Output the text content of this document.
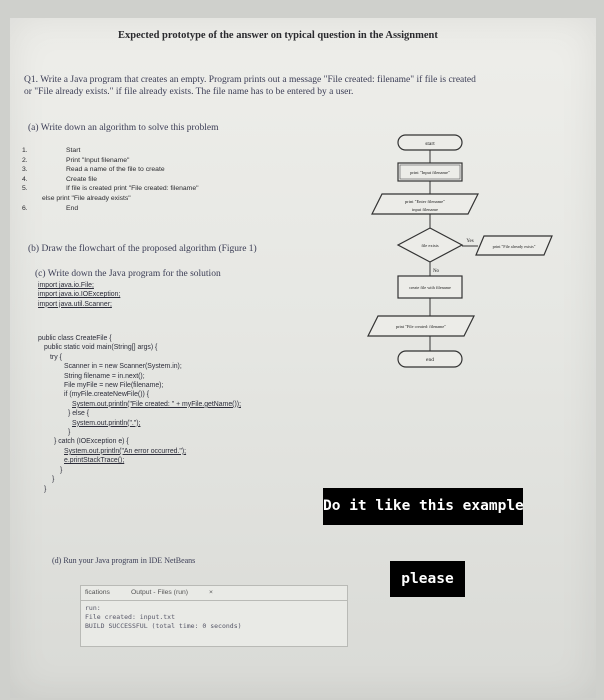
Expected prototype of the answer on typical question in the Assignment
Q1. Write a Java program that creates an empty. Program prints out a message "File created: filename" if file is created
or "File already exists." if file already exists. The file name has to be entered by a user.
(a) Write down an algorithm to solve this problem
1.	Start
2.	Print "Input filename"
3.	Read a name of the file to create
4.	Create file
5.	If file is created print "File created: filename"
else print "File already exists"
6.	End
(b) Draw the flowchart of the proposed algorithm (Figure 1)
(c) Write down the Java program for the solution
import java.io.File;
import java.io.IOException;
import java.util.Scanner;
public class CreateFile {
public static void main(String[] args) {
try {
Scanner in = new Scanner(System.in);
String filename = in.next();
File myFile = new File(filename);
if (myFile.createNewFile()) {
System.out.println("File created: " + myFile.getName());
} else {
System.out.println(".");
}
} catch (IOException e) {
System.out.println("An error occurred.");
e.printStackTrace();
}
}
}
(d) Run your Java program in IDE NetBeans
fications	Output - Files (run)	×
run:
File created: input.txt
BUILD SUCCESSFUL (total time: 0 seconds)
start
print "Input filename"
print "Enter filename"
input filename
file exists
Yes
No
print "File already exists"
create file with filename
print "File created: filename"
end
Do it like this example
please
